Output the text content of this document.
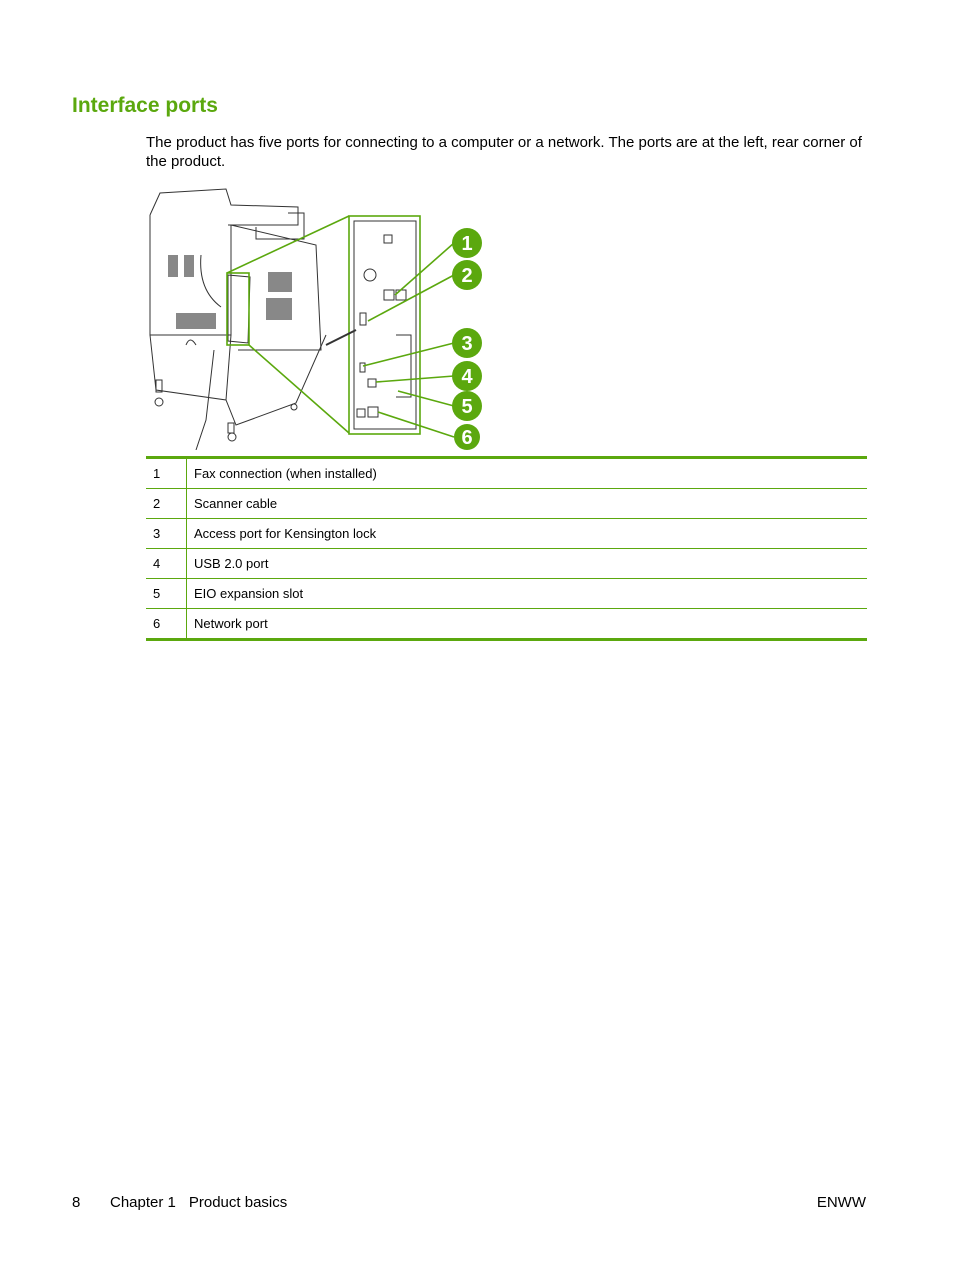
Interface ports

The product has five ports for connecting to a computer or a network. The ports are at the left, rear corner of the product.

1
2
3
4
5
6
1	Fax connection (when installed)
2	Scanner cable
3	Access port for Kensington lock
4	USB 2.0 port
5	EIO expansion slot
6	Network port
8 Chapter 1 Product basics	ENWW
